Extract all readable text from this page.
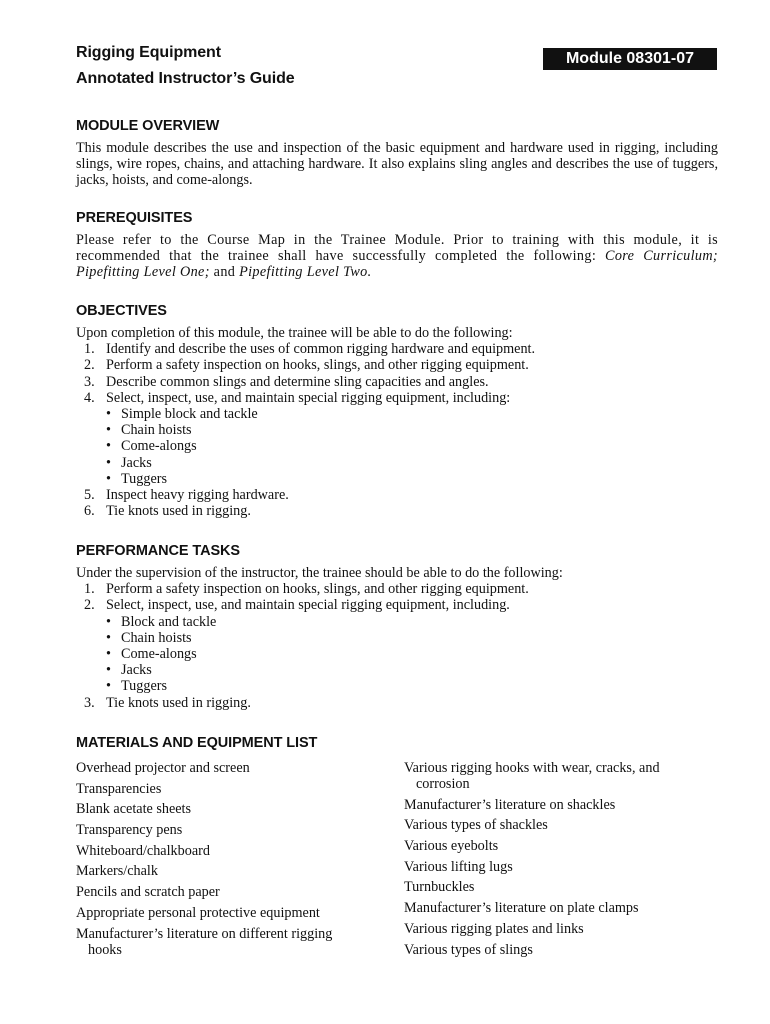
Rigging Equipment
Annotated Instructor’s Guide
Module 08301-07
MODULE OVERVIEW

This module describes the use and inspection of the basic equipment and hardware used in rigging, including slings, wire ropes, chains, and attaching hardware. It also explains sling angles and describes the use of tuggers, jacks, hoists, and come-alongs.

PREREQUISITES

Please refer to the Course Map in the Trainee Module. Prior to training with this module, it is recommended that the trainee shall have successfully completed the following: Core Curriculum; Pipefitting Level One; and Pipefitting Level Two.

OBJECTIVES

Upon completion of this module, the trainee will be able to do the following:

1. Identify and describe the uses of common rigging hardware and equipment.
2. Perform a safety inspection on hooks, slings, and other rigging equipment.
3. Describe common slings and determine sling capacities and angles.
4. Select, inspect, use, and maintain special rigging equipment, including:
• Simple block and tackle
• Chain hoists
• Come-alongs
• Jacks
• Tuggers
5. Inspect heavy rigging hardware.
6. Tie knots used in rigging.
PERFORMANCE TASKS

Under the supervision of the instructor, the trainee should be able to do the following:

1. Perform a safety inspection on hooks, slings, and other rigging equipment.
2. Select, inspect, use, and maintain special rigging equipment, including.
• Block and tackle
• Chain hoists
• Come-alongs
• Jacks
• Tuggers
3. Tie knots used in rigging.
MATERIALS AND EQUIPMENT LIST
Overhead projector and screen
Transparencies
Blank acetate sheets
Transparency pens
Whiteboard/chalkboard
Markers/chalk
Pencils and scratch paper
Appropriate personal protective equipment
Manufacturer’s literature on different rigging
hooks
Various rigging hooks with wear, cracks, and
corrosion
Manufacturer’s literature on shackles
Various types of shackles
Various eyebolts
Various lifting lugs
Turnbuckles
Manufacturer’s literature on plate clamps
Various rigging plates and links
Various types of slings
